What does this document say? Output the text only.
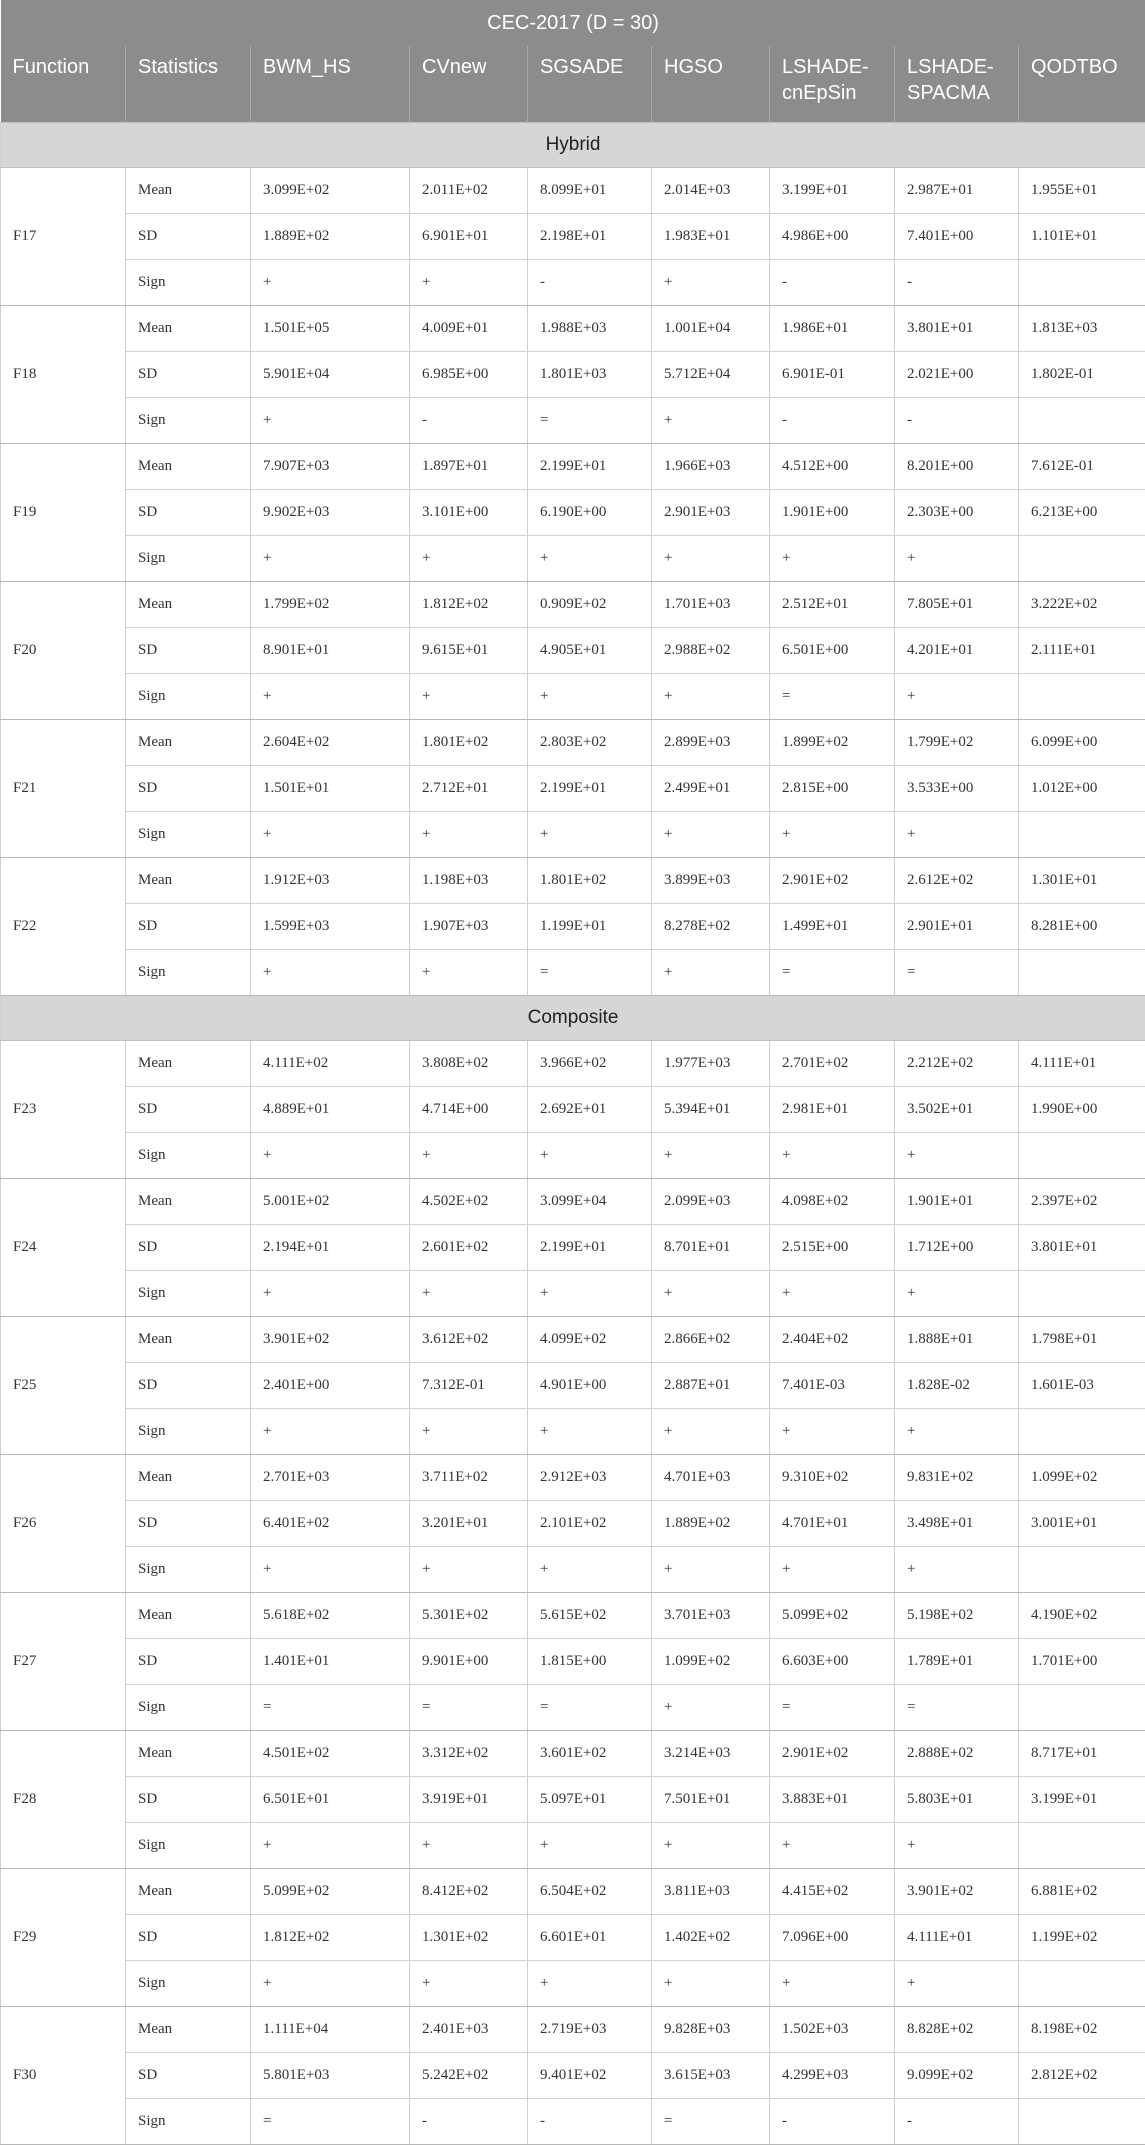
CEC-2017 (D = 30)								
Function	Statistics	BWM_HS	CVnew	SGSADE	HGSO	LSHADE-cnEpSin	LSHADE-SPACMA	QODTBO
Hybrid								
F17	Mean	3.099E+02	2.011E+02	8.099E+01	2.014E+03	3.199E+01	2.987E+01	1.955E+01
	SD	1.889E+02	6.901E+01	2.198E+01	1.983E+01	4.986E+00	7.401E+00	1.101E+01
	Sign	+	+	-	+	-	-	
F18	Mean	1.501E+05	4.009E+01	1.988E+03	1.001E+04	1.986E+01	3.801E+01	1.813E+03
	SD	5.901E+04	6.985E+00	1.801E+03	5.712E+04	6.901E-01	2.021E+00	1.802E-01
	Sign	+	-	=	+	-	-	
F19	Mean	7.907E+03	1.897E+01	2.199E+01	1.966E+03	4.512E+00	8.201E+00	7.612E-01
	SD	9.902E+03	3.101E+00	6.190E+00	2.901E+03	1.901E+00	2.303E+00	6.213E+00
	Sign	+	+	+	+	+	+	
F20	Mean	1.799E+02	1.812E+02	0.909E+02	1.701E+03	2.512E+01	7.805E+01	3.222E+02
	SD	8.901E+01	9.615E+01	4.905E+01	2.988E+02	6.501E+00	4.201E+01	2.111E+01
	Sign	+	+	+	+	=	+	
F21	Mean	2.604E+02	1.801E+02	2.803E+02	2.899E+03	1.899E+02	1.799E+02	6.099E+00
	SD	1.501E+01	2.712E+01	2.199E+01	2.499E+01	2.815E+00	3.533E+00	1.012E+00
	Sign	+	+	+	+	+	+	
F22	Mean	1.912E+03	1.198E+03	1.801E+02	3.899E+03	2.901E+02	2.612E+02	1.301E+01
	SD	1.599E+03	1.907E+03	1.199E+01	8.278E+02	1.499E+01	2.901E+01	8.281E+00
	Sign	+	+	=	+	=	=	
Composite								
F23	Mean	4.111E+02	3.808E+02	3.966E+02	1.977E+03	2.701E+02	2.212E+02	4.111E+01
	SD	4.889E+01	4.714E+00	2.692E+01	5.394E+01	2.981E+01	3.502E+01	1.990E+00
	Sign	+	+	+	+	+	+	
F24	Mean	5.001E+02	4.502E+02	3.099E+04	2.099E+03	4.098E+02	1.901E+01	2.397E+02
	SD	2.194E+01	2.601E+02	2.199E+01	8.701E+01	2.515E+00	1.712E+00	3.801E+01
	Sign	+	+	+	+	+	+	
F25	Mean	3.901E+02	3.612E+02	4.099E+02	2.866E+02	2.404E+02	1.888E+01	1.798E+01
	SD	2.401E+00	7.312E-01	4.901E+00	2.887E+01	7.401E-03	1.828E-02	1.601E-03
	Sign	+	+	+	+	+	+	
F26	Mean	2.701E+03	3.711E+02	2.912E+03	4.701E+03	9.310E+02	9.831E+02	1.099E+02
	SD	6.401E+02	3.201E+01	2.101E+02	1.889E+02	4.701E+01	3.498E+01	3.001E+01
	Sign	+	+	+	+	+	+	
F27	Mean	5.618E+02	5.301E+02	5.615E+02	3.701E+03	5.099E+02	5.198E+02	4.190E+02
	SD	1.401E+01	9.901E+00	1.815E+00	1.099E+02	6.603E+00	1.789E+01	1.701E+00
	Sign	=	=	=	+	=	=	
F28	Mean	4.501E+02	3.312E+02	3.601E+02	3.214E+03	2.901E+02	2.888E+02	8.717E+01
	SD	6.501E+01	3.919E+01	5.097E+01	7.501E+01	3.883E+01	5.803E+01	3.199E+01
	Sign	+	+	+	+	+	+	
F29	Mean	5.099E+02	8.412E+02	6.504E+02	3.811E+03	4.415E+02	3.901E+02	6.881E+02
	SD	1.812E+02	1.301E+02	6.601E+01	1.402E+02	7.096E+00	4.111E+01	1.199E+02
	Sign	+	+	+	+	+	+	
F30	Mean	1.111E+04	2.401E+03	2.719E+03	9.828E+03	1.502E+03	8.828E+02	8.198E+02
	SD	5.801E+03	5.242E+02	9.401E+02	3.615E+03	4.299E+03	9.099E+02	2.812E+02
	Sign	=	-	-	=	-	-	
